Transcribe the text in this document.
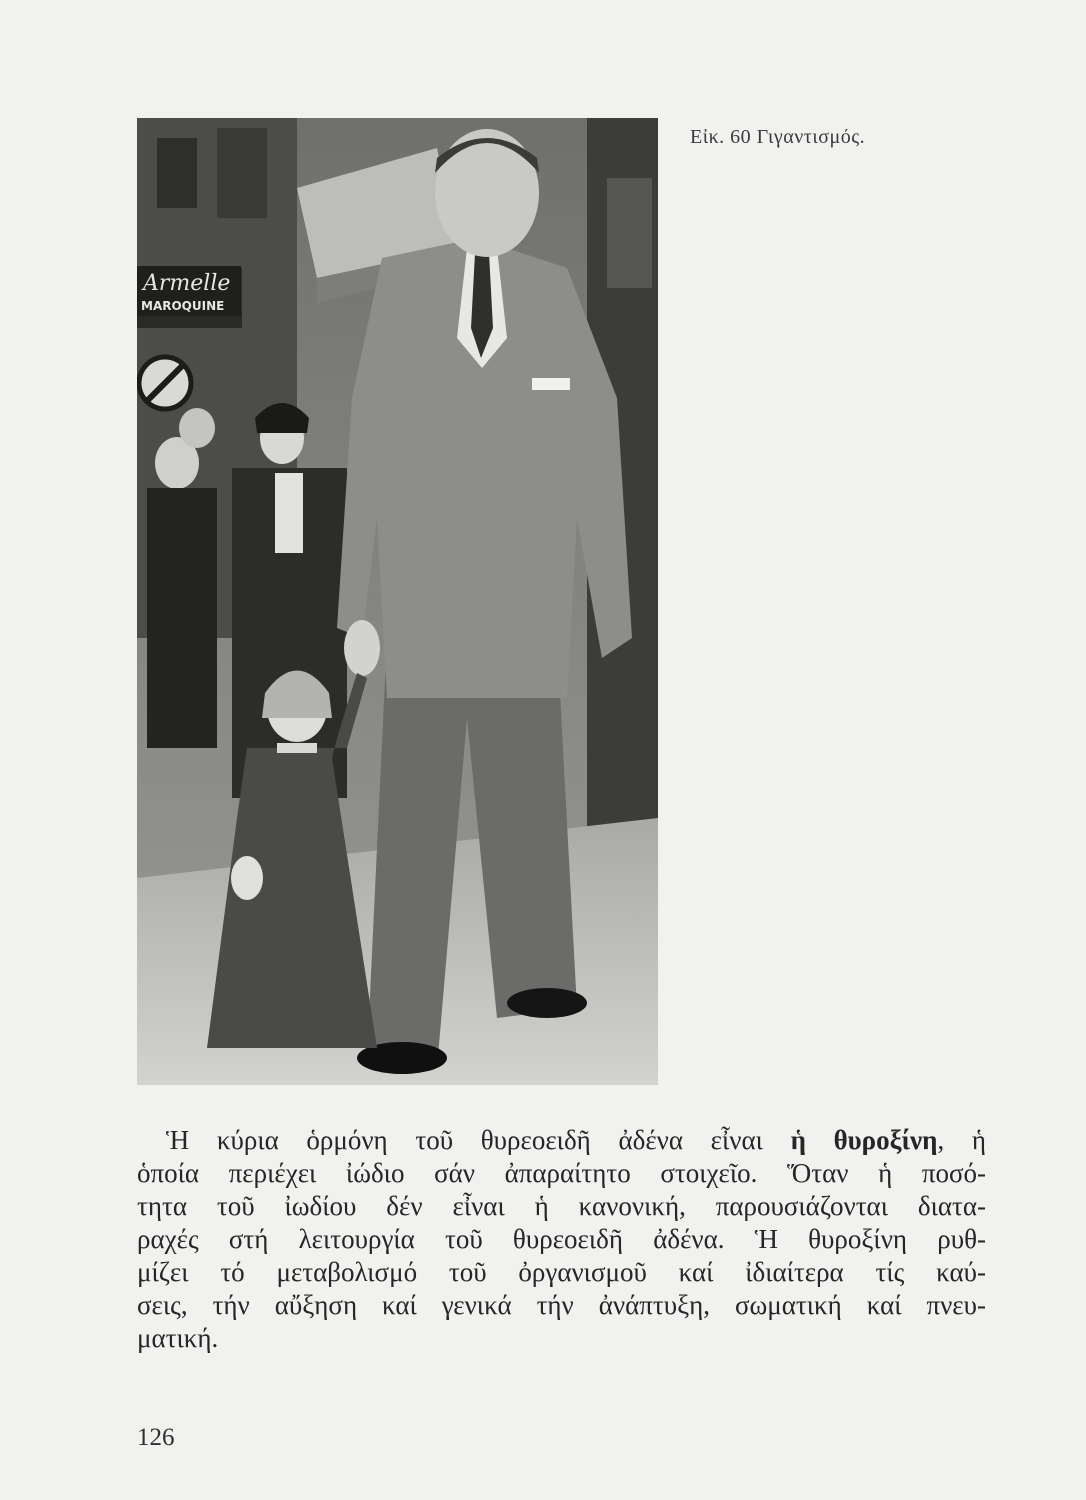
Armelle
MAROQUINE
Εἰκ. 60 Γιγαντισμός.
Ἡ κύρια ὁρμόνη τοῦ θυρεοειδῆ ἀδένα εἶναι ἡ θυροξίνη, ἡ
ὁποία περιέχει ἰώδιο σάν ἀπαραίτητο στοιχεῖο. Ὅταν ἡ ποσό-
τητα τοῦ ἰωδίου δέν εἶναι ἡ κανονική, παρουσιάζονται διατα-
ραχές στή λειτουργία τοῦ θυρεοειδῆ ἀδένα. Ἡ θυροξίνη ρυθ-
μίζει τό μεταβολισμό τοῦ ὀργανισμοῦ καί ἰδιαίτερα τίς καύ-
σεις, τήν αὔξηση καί γενικά τήν ἀνάπτυξη, σωματική καί πνευ-
ματική.
126
